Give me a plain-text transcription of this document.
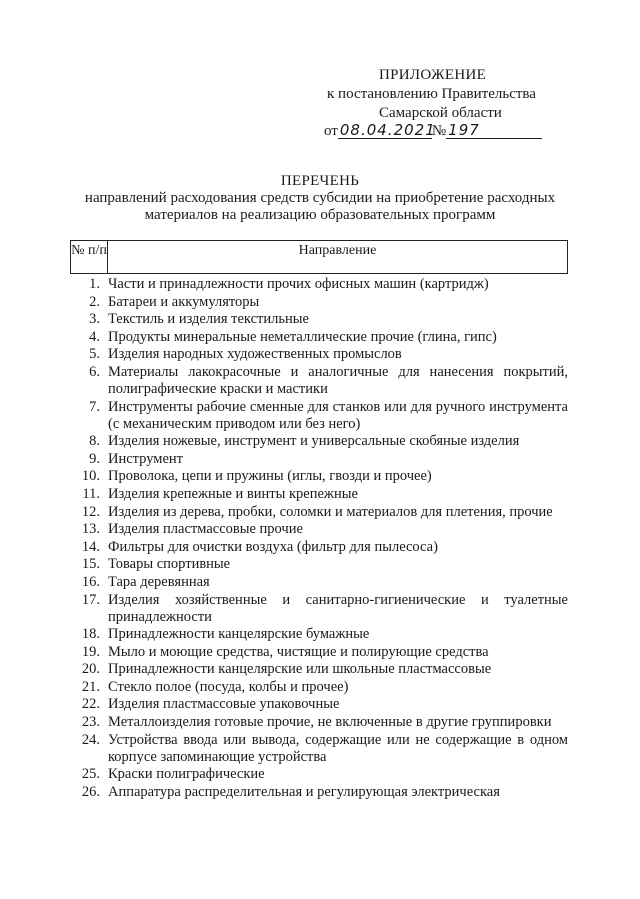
ПРИЛОЖЕНИЕ
к постановлению Правительства
Самарской области
от 08.04.2021№ 197
ПЕРЕЧЕНЬ
направлений расходования средств субсидии на приобретение расходных
материалов на реализацию образовательных программ
№ п/п	Направление
1. Части и принадлежности прочих офисных машин (картридж)
2. Батареи и аккумуляторы
3. Текстиль и изделия текстильные
4. Продукты минеральные неметаллические прочие (глина, гипс)
5. Изделия народных художественных промыслов
6. Материалы лакокрасочные и аналогичные для нанесения покрытий, полиграфические краски и мастики
7. Инструменты рабочие сменные для станков или для ручного инструмента (с механическим приводом или без него)
8. Изделия ножевые, инструмент и универсальные скобяные изделия
9. Инструмент
10. Проволока, цепи и пружины (иглы, гвозди и прочее)
11. Изделия крепежные и винты крепежные
12. Изделия из дерева, пробки, соломки и материалов для плетения, прочие
13. Изделия пластмассовые прочие
14. Фильтры для очистки воздуха (фильтр для пылесоса)
15. Товары спортивные
16. Тара деревянная
17. Изделия хозяйственные и санитарно-гигиенические и туалетные принадлежности
18. Принадлежности канцелярские бумажные
19. Мыло и моющие средства, чистящие и полирующие средства
20. Принадлежности канцелярские или школьные пластмассовые
21. Стекло полое (посуда, колбы и прочее)
22. Изделия пластмассовые упаковочные
23. Металлоизделия готовые прочие, не включенные в другие группировки
24. Устройства ввода или вывода, содержащие или не содержащие в одном корпусе запоминающие устройства
25. Краски полиграфические
26. Аппаратура распределительная и регулирующая электрическая
